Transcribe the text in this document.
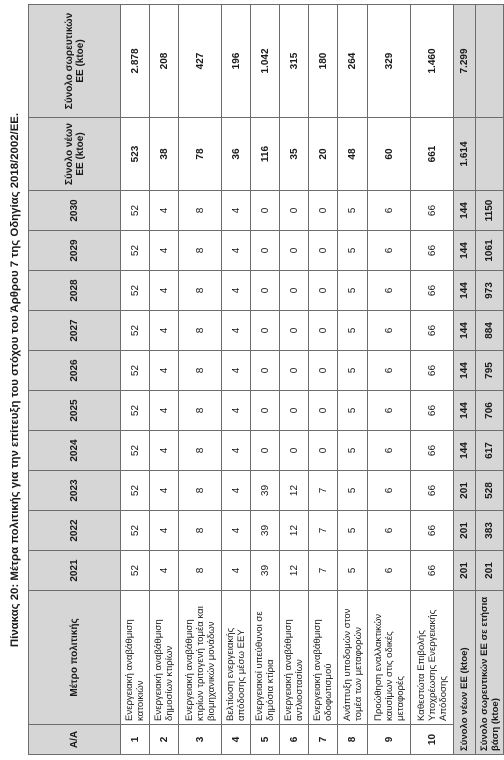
Πίνακας 20: Μέτρα πολιτικής για την επίτευξη του στόχου του Άρθρου 7 της Οδηγίας 2018/2002/ΕΕ.
Α/Α	Μέτρο πολιτικής	2021	2022	2023	2024	2025	2026	2027	2028	2029	2030	Σύνολο νέων ΕΕ (ktoe)	Σύνολο σωρευτικών ΕΕ (ktoe)
1	Ενεργειακή αναβάθμιση κατοικιών	52	52	52	52	52	52	52	52	52	52	523	2.878
2	Ενεργειακή αναβάθμιση δημοσίων κτιρίων	4	4	4	4	4	4	4	4	4	4	38	208
3	Ενεργειακή αναβάθμιση κτιρίων τριτογενή τομέα και βιομηχανικών μονάδων	8	8	8	8	8	8	8	8	8	8	78	427
4	Βελτίωση ενεργειακής απόδοσης μέσω ΕΕΥ	4	4	4	4	4	4	4	4	4	4	36	196
5	Ενεργειακοί υπεύθυνοι σε δημόσια κτίρια	39	39	39	0	0	0	0	0	0	0	116	1.042
6	Ενεργειακή αναβάθμιση αντλιοστασίων	12	12	12	0	0	0	0	0	0	0	35	315
7	Ενεργειακή αναβάθμιση οδοφωτισμού	7	7	7	0	0	0	0	0	0	0	20	180
8	Ανάπτυξη υποδομών στον τομέα των μεταφορών	5	5	5	5	5	5	5	5	5	5	48	264
9	Προώθηση εναλλακτικών καυσίμων στις οδικές μεταφορές	6	6	6	6	6	6	6	6	6	6	60	329
10	Καθεστώτα Επιβολής Υποχρέωσης Ενεργειακής Απόδοσης	66	66	66	66	66	66	66	66	66	66	661	1.460
Σύνολο νέων ΕΕ (ktoe)		201	201	201	144	144	144	144	144	144	144	1.614	7.299
Σύνολο σωρευτικών ΕΕ σε ετήσια βάση (ktoe)		201	383	528	617	706	795	884	973	1061	1150		
